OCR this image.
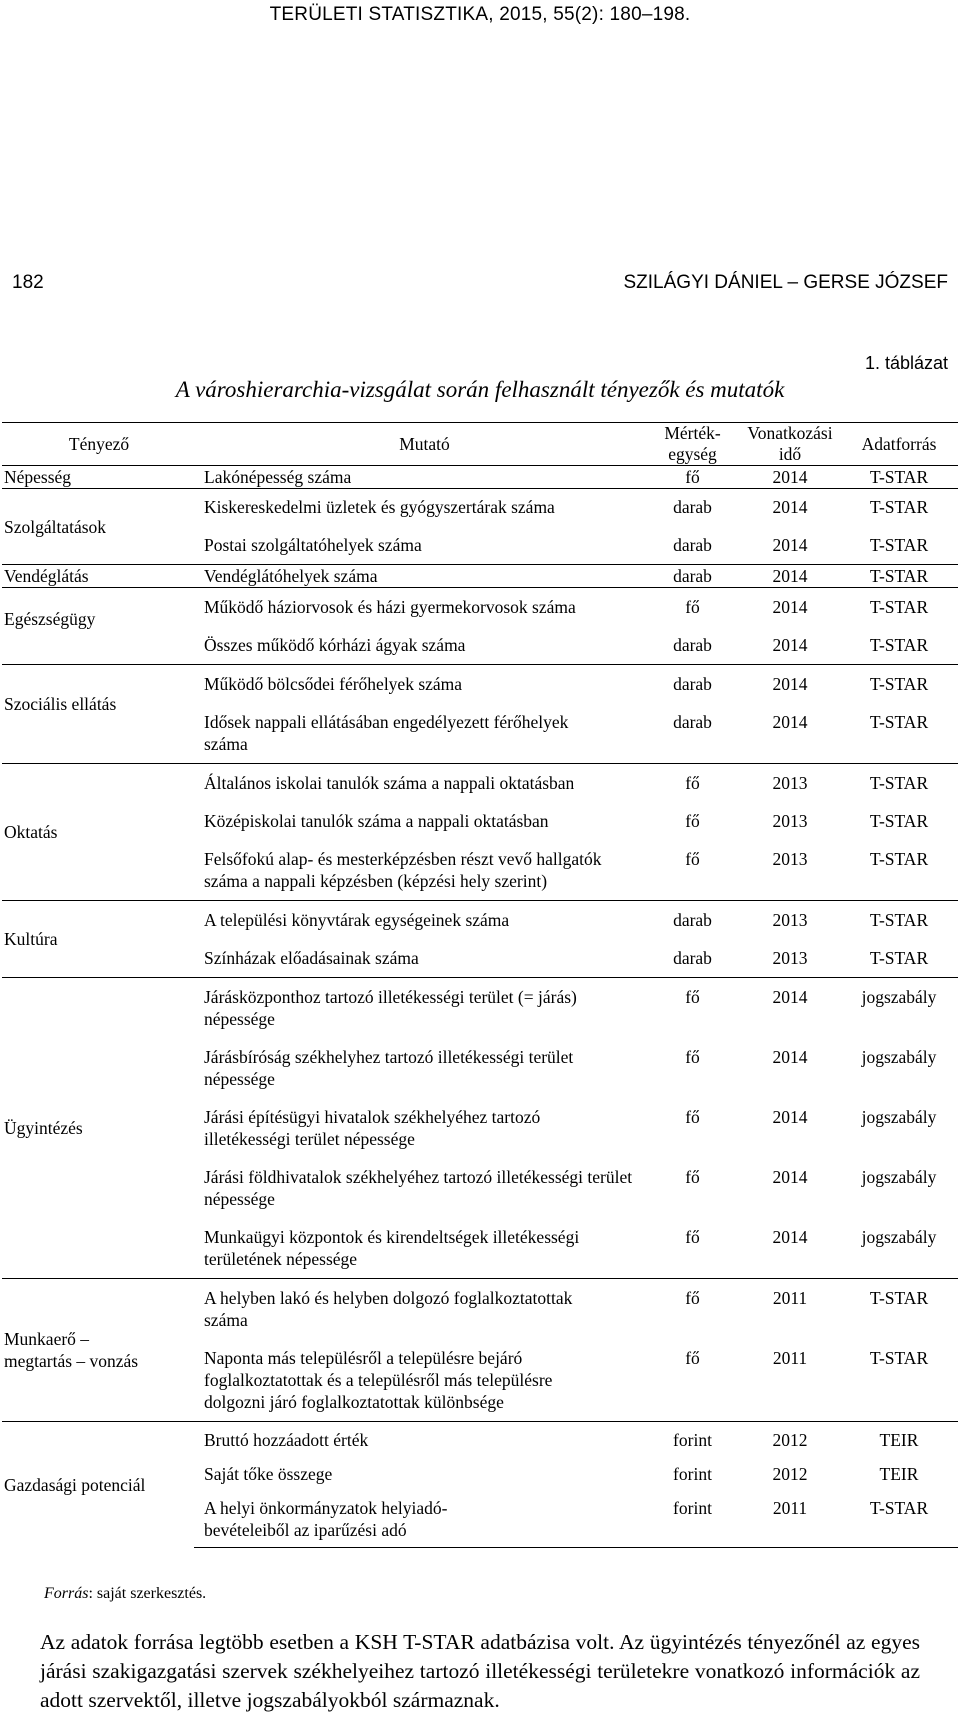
TERÜLETI STATISZTIKA, 2015, 55(2): 180–198.
182	SZILÁGYI DÁNIEL – GERSE JÓZSEF
1. táblázat
A városhierarchia-vizsgálat során felhasznált tényezők és mutatók
Tényező	Mutató	Mérték-egység	Vonatkozási idő	Adatforrás
Népesség	Lakónépesség száma	fő	2014	T-STAR
Szolgáltatások	Kiskereskedelmi üzletek és gyógyszertárak száma	darab	2014	T-STAR
	Postai szolgáltatóhelyek száma	darab	2014	T-STAR
Vendéglátás	Vendéglátóhelyek száma	darab	2014	T-STAR
Egészségügy	Működő háziorvosok és házi gyermekorvosok száma	fő	2014	T-STAR
	Összes működő kórházi ágyak száma	darab	2014	T-STAR
Szociális ellátás	Működő bölcsődei férőhelyek száma	darab	2014	T-STAR
	Idősek nappali ellátásában engedélyezett férőhelyek száma	darab	2014	T-STAR
Oktatás	Általános iskolai tanulók száma a nappali oktatásban	fő	2013	T-STAR
	Középiskolai tanulók száma a nappali oktatásban	fő	2013	T-STAR
	Felsőfokú alap- és mesterképzésben részt vevő hallgatók száma a nappali képzésben (képzési hely szerint)	fő	2013	T-STAR
Kultúra	A települési könyvtárak egységeinek száma	darab	2013	T-STAR
	Színházak előadásainak száma	darab	2013	T-STAR
Ügyintézés	Járásközponthoz tartozó illetékességi terület (= járás) népessége	fő	2014	jogszabály
	Járásbíróság székhelyhez tartozó illetékességi terület népessége	fő	2014	jogszabály
	Járási építésügyi hivatalok székhelyéhez tartozó illetékességi terület népessége	fő	2014	jogszabály
	Járási földhivatalok székhelyéhez tartozó illetékességi terület népessége	fő	2014	jogszabály
	Munkaügyi központok és kirendeltségek illetékességi területének népessége	fő	2014	jogszabály
Munkaerő – megtartás – vonzás	A helyben lakó és helyben dolgozó foglalkoztatottak száma	fő	2011	T-STAR
	Naponta más településről a településre bejáró foglalkoztatottak és a településről más településre dolgozni járó foglalkoztatottak különbsége	fő	2011	T-STAR
Gazdasági potenciál	Bruttó hozzáadott érték	forint	2012	TEIR
	Saját tőke összege	forint	2012	TEIR
	A helyi önkormányzatok helyiadó-bevételeiből az iparűzési adó	forint	2011	T-STAR
Forrás: saját szerkesztés.
Az adatok forrása legtöbb esetben a KSH T-STAR adatbázisa volt. Az ügyintézés tényezőnél az egyes járási szakigazgatási szervek székhelyeihez tartozó illetékességi területekre vonatkozó információk az adott szervektől, illetve jogszabályokból származnak.
